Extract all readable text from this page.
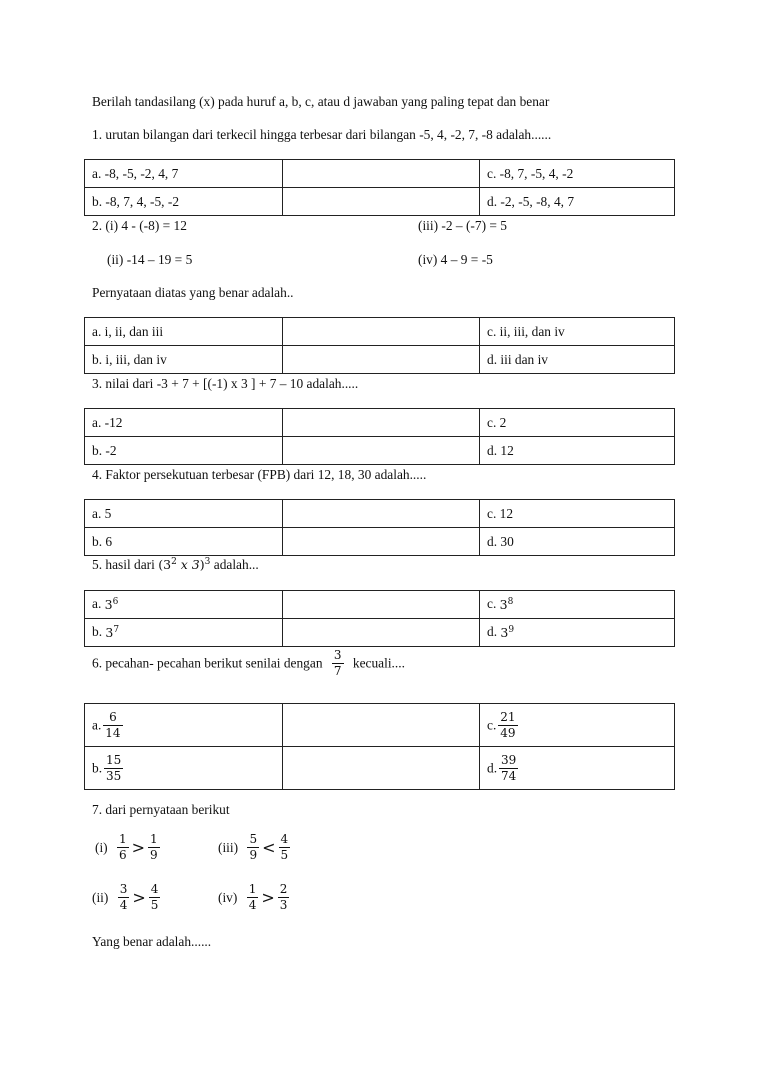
Berilah tandasilang (x) pada huruf a, b, c, atau d jawaban yang paling tepat dan benar
1. urutan bilangan dari terkecil hingga terbesar dari bilangan -5, 4, -2, 7, -8 adalah......
a. -8, -5, -2, 4, 7		c. -8, 7, -5, 4, -2
b. -8, 7, 4, -5, -2		d. -2, -5, -8, 4, 7
2. (i) 4 - (-8) = 12	(iii) -2 – (-7) = 5
(ii) -14 – 19 = 5	(iv) 4 – 9 = -5
Pernyataan diatas yang benar adalah..
a. i, ii, dan iii		c. ii, iii, dan iv
b. i, iii, dan iv		d. iii dan iv
3. nilai dari -3 + 7 + [(-1) x 3 ] + 7 – 10 adalah.....
a. -12		c. 2
b. -2		d. 12
4. Faktor persekutuan terbesar (FPB) dari 12, 18, 30 adalah.....
a. 5		c. 12
b. 6		d. 30
5. hasil dari ($3^2$ x 3)$^3$ adalah...
a. $3^6$		c. $3^8$
b. $3^7$		d. $3^9$
6. pecahan- pecahan berikut senilai dengan $\frac{3}{7}$ kecuali....
a. $\frac{6}{14}$		c. $\frac{21}{49}$

b. $\frac{15}{35}$		d. $\frac{39}{74}$
7. dari pernyataan berikut
$(i) \frac{1}{6} > \frac{1}{9}$	$(iii) \frac{5}{9} < \frac{4}{5}$
$(ii) \frac{3}{4} > \frac{4}{5}$	$(iv) \frac{1}{4} > \frac{2}{3}$
Yang benar adalah......
